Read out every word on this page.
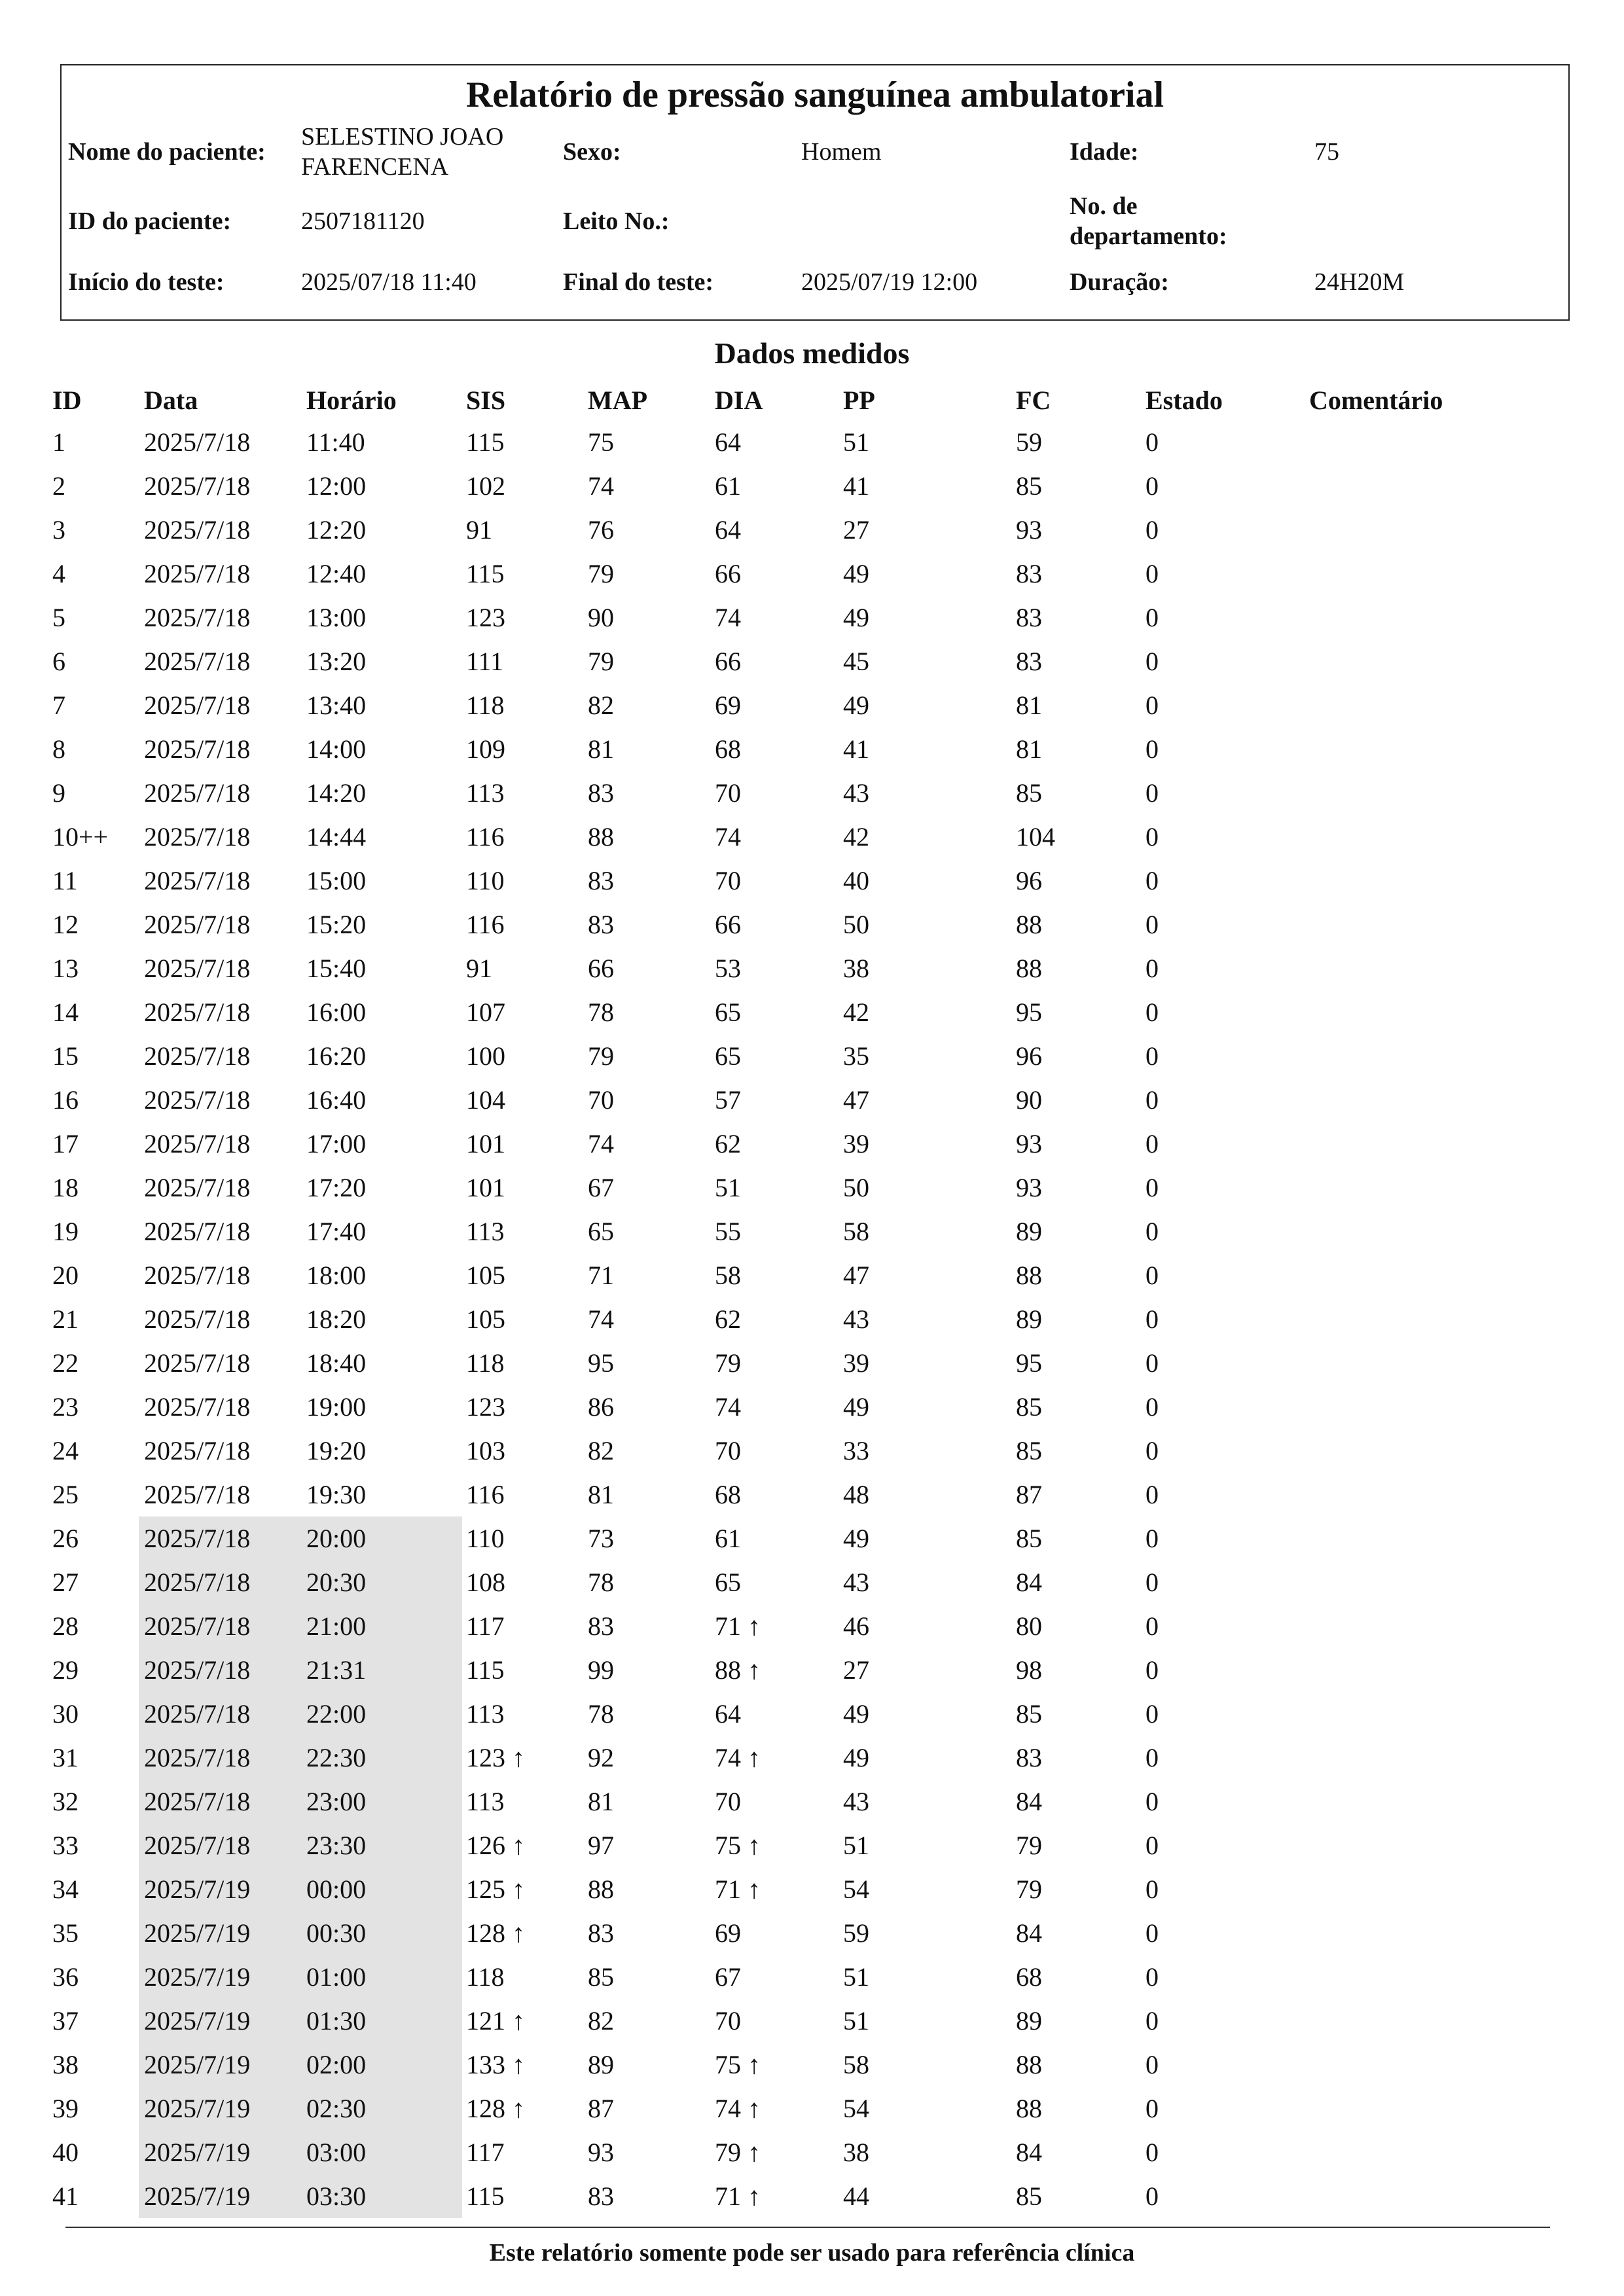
Relatório de pressão sanguínea ambulatorial
Nome do paciente:
SELESTINO JOAO FARENCENA
Sexo:	Homem	Idade:	75
ID do paciente:	2507181120	Leito No.:
No. de departamento:
Início do teste:	2025/07/18 11:40	Final do teste:	2025/07/19 12:00	Duração:	24H20M
Dados medidos
ID Data	Horário	SIS	MAP	DIA	PP	FC	Estado	Comentário
1	2025/7/18 11:40	115	75	64	51	59	0
2	2025/7/18 12:00	102	74	61	41	85	0
3	2025/7/18 12:20	91	76	64	27	93	0
4	2025/7/18 12:40	115	79	66	49	83	0
5	2025/7/18 13:00	123	90	74	49	83	0
6	2025/7/18 13:20	111	79	66	45	83	0
7	2025/7/18 13:40	118	82	69	49	81	0
8	2025/7/18 14:00	109	81	68	41	81	0
9	2025/7/18 14:20	113	83	70	43	85	0
10++ 2025/7/18 14:44	116	88	74	42	104	0
11	2025/7/18 15:00	110	83	70	40	96	0
12	2025/7/18 15:20	116	83	66	50	88	0
13	2025/7/18 15:40	91	66	53	38	88	0
14	2025/7/18 16:00	107	78	65	42	95	0
15	2025/7/18 16:20	100	79	65	35	96	0
16	2025/7/18 16:40	104	70	57	47	90	0
17	2025/7/18 17:00	101	74	62	39	93	0
18	2025/7/18 17:20	101	67	51	50	93	0
19	2025/7/18 17:40	113	65	55	58	89	0
20	2025/7/18 18:00	105	71	58	47	88	0
21	2025/7/18 18:20	105	74	62	43	89	0
22	2025/7/18 18:40	118	95	79	39	95	0
23	2025/7/18 19:00	123	86	74	49	85	0
24	2025/7/18 19:20	103	82	70	33	85	0
25	2025/7/18 19:30	116	81	68	48	87	0
26	2025/7/18 20:00	110	73	61	49	85	0
27	2025/7/18 20:30	108	78	65	43	84	0
28	2025/7/18 21:00	117	83	71 ↑	46	80	0
29	2025/7/18 21:31	115	99	88 ↑	27	98	0
30	2025/7/18 22:00	113	78	64	49	85	0
31	2025/7/18 22:30	123 ↑ 92	74 ↑	49	83	0
32	2025/7/18 23:00	113	81	70	43	84	0
33	2025/7/18 23:30	126 ↑ 97	75 ↑	51	79	0
34	2025/7/19 00:00	125 ↑ 88	71 ↑	54	79	0
35	2025/7/19 00:30	128 ↑ 83	69	59	84	0
36	2025/7/19 01:00	118	85	67	51	68	0
37	2025/7/19 01:30	121 ↑ 82	70	51	89	0
38	2025/7/19 02:00	133 ↑ 89	75 ↑	58	88	0
39	2025/7/19 02:30	128 ↑ 87	74 ↑	54	88	0
40	2025/7/19 03:00	117	93	79 ↑	38	84	0
41	2025/7/19 03:30	115	83	71 ↑	44	85	0
Este relatório somente pode ser usado para referência clínica
